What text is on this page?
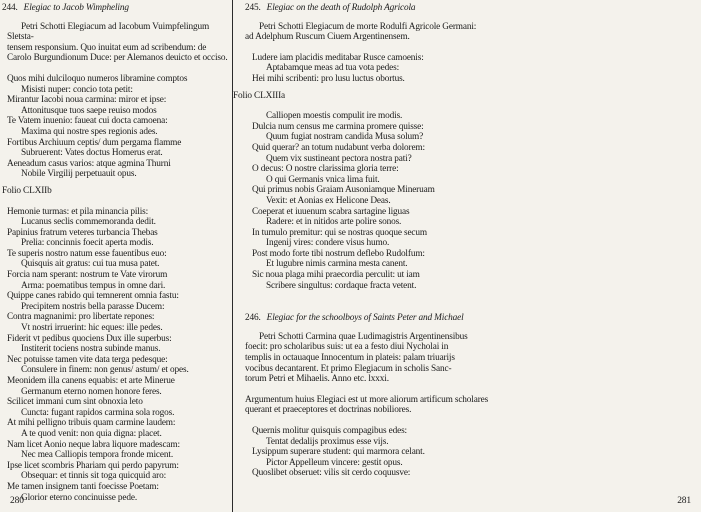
244. Elegiac to Jacob Wimpheling
Petri Schotti Elegiacum ad Iacobum Vuimpfelingum Sletsta-
tensem responsium. Quo inuitat eum ad scribendum: de
Carolo Burgundionum Duce: per Alemanos deuicto et occiso.
Quos mihi dulciloquo numeros libramine comptos
Misisti nuper: concio tota petit:
Mirantur Iacobi noua carmina: miror et ipse:
Attonitusque tuos saepe reuiso modos
Te Vatem inuenio: faueat cui docta camoena:
Maxima qui nostre spes regionis ades.
Fortibus Archiuum ceptis/ dum pergama flamme
Subruerent: Vates doctus Homerus erat.
Aeneadum casus varios: atque agmina Thurni
Nobile Virgilij perpetuauit opus.
Folio CLXIIb
Hemonie turmas: et pila minancia pilis:
Lucanus seclis commemoranda dedit.
Papinius fratrum veteres turbancia Thebas
Prelia: concinnis foecit aperta modis.
Te superis nostro natum esse fauentibus euo:
Quisquis ait gratus: cui tua musa patet.
Forcia nam sperant: nostrum te Vate virorum
Arma: poematibus tempus in omne dari.
Quippe canes rabido qui temnerent omnia fastu:
Precipitem nostris bella parasse Ducem:
Contra magnanimi: pro libertate repones:
Vt nostri irruerint: hic eques: ille pedes.
Fiderit vt pedibus quociens Dux ille superbus:
Institerit tociens nostra subinde manus.
Nec potuisse tamen vite data terga pedesque:
Consulere in finem: non genus/ astum/ et opes.
Meonidem illa canens equabis: et arte Minerue
Germanum eterno nomen honore feres.
Scilicet immani cum sint obnoxia leto
Cuncta: fugant rapidos carmina sola rogos.
At mihi pelligno tribuis quam carmine laudem:
A te quod venit: non quia digna: placet.
Nam licet Aonio neque labra liquore madescam:
Nec mea Calliopis tempora fronde micent.
Ipse licet scombris Phariam qui perdo papyrum:
Obsequar: et tinnis sit toga quicquid aro:
Me tamen insignem tanti foecisse Poetam:
Glorior eterno concinuisse pede.
245. Elegiac on the death of Rudolph Agricola
Petri Schotti Elegiacum de morte Rodulfi Agricole Germani:
ad Adelphum Ruscum Ciuem Argentinensem.
Ludere iam placidis meditabar Rusce camoenis:
Aptabamque meas ad tua vota pedes:
Hei mihi scribenti: pro lusu luctus obortus.
Folio CLXIIIa
Calliopen moestis compulit ire modis.
Dulcia num census me carmina promere quisse:
Quum fugiat nostram candida Musa solum?
Quid querar? an totum nudabunt verba dolorem:
Quem vix sustineant pectora nostra pati?
O decus: O nostre clarissima gloria terre:
O qui Germanis vnica lima fuit.
Qui primus nobis Graiam Ausoniamque Mineruam
Vexit: et Aonias ex Helicone Deas.
Coeperat et iuuenum scabra sartagine liguas
Radere: et in nitidos arte polire sonos.
In tumulo premitur: qui se nostras quoque secum
Ingenij vires: condere visus humo.
Post modo forte tibi nostrum deflebo Rudolfum:
Et lugubre nimis carmina mesta canent.
Sic noua plaga mihi praecordia perculit: ut iam
Scribere singultus: cordaque fracta vetent.
246. Elegiac for the schoolboys of Saints Peter and Michael
Petri Schotti Carmina quae Ludimagistris Argentinensibus
foecit: pro scholaribus suis: ut ea a festo diui Nycholai in
templis in octauaque Innocentum in plateis: palam triuarijs
vocibus decantarent. Et primo Elegiacum in scholis Sanc-
torum Petri et Mihaelis. Anno etc. lxxxi.
Argumentum huius Elegiaci est ut more aliorum artificum scholares
querant et praeceptores et doctrinas nobiliores.
Quernis molitur quisquis compagibus edes:
Tentat dedalijs proximus esse vijs.
Lysippum superare student: qui marmora celant.
Pictor Appelleum vincere: gestit opus.
Quoslibet obseruet: vilis sit cerdo coquusve:
280	281
